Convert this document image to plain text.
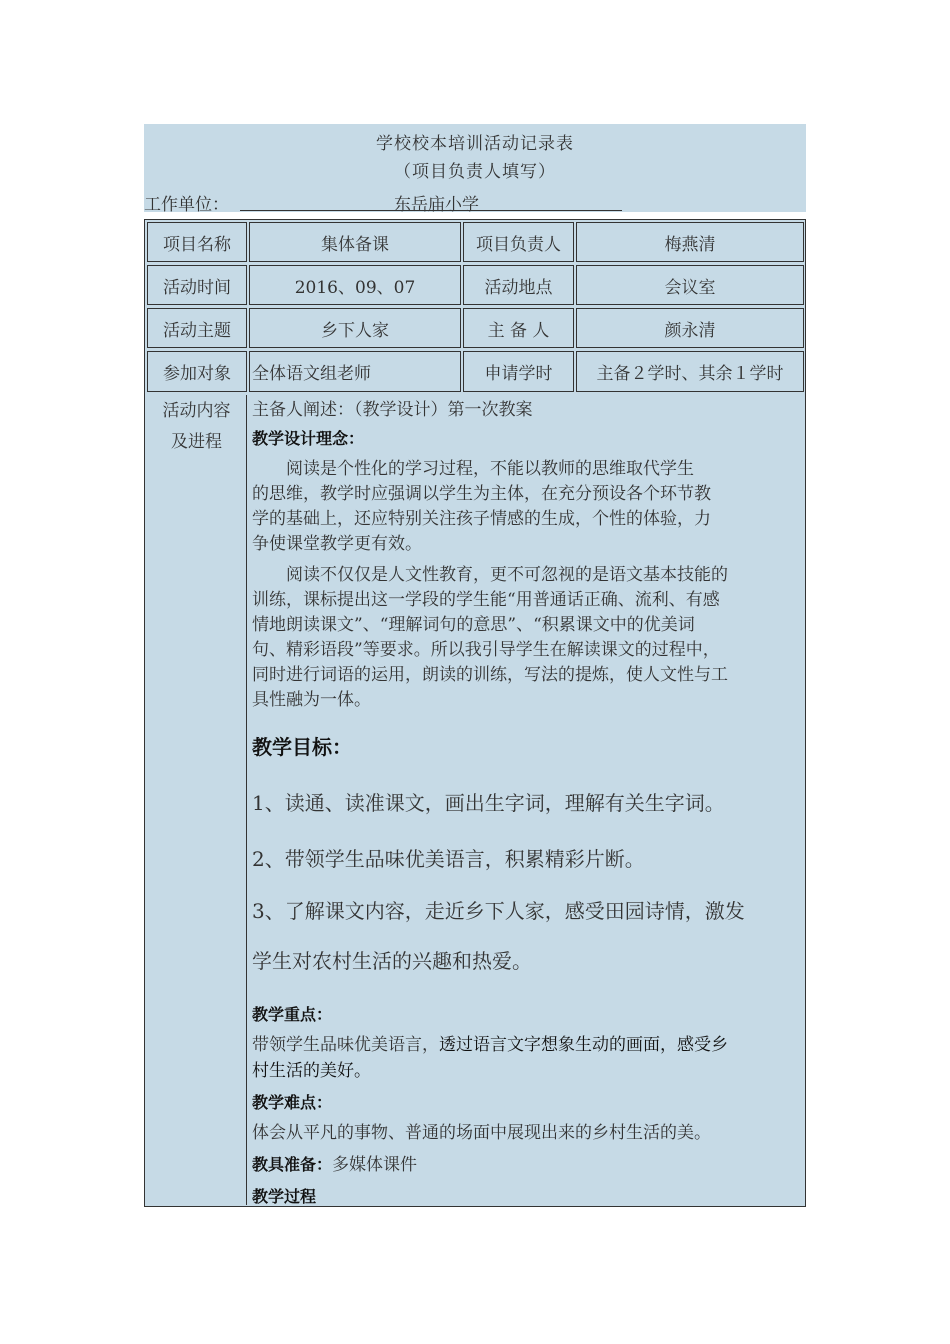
学校校本培训活动记录表
（项目负责人填写）
工作单位：	东岳庙小学
项目名称	集体备课	项目负责人	梅燕清
活动时间	2016、09、07	活动地点	会议室
活动主题	乡下人家	主 备 人	颜永清
参加对象	全体语文组老师	申请学时	主备２学时、其余１学时
活动内容
及进程

主备人阐述：（教学设计）第一次教案

教学设计理念：

　　阅读是个性化的学习过程，不能以教师的思维取代学生

的思维，教学时应强调以学生为主体，在充分预设各个环节教

学的基础上，还应特别关注孩子情感的生成，个性的体验，力

争使课堂教学更有效。

　　阅读不仅仅是人文性教育，更不可忽视的是语文基本技能的

训练，课标提出这一学段的学生能“用普通话正确、流利、有感

情地朗读课文”、“理解词句的意思”、“积累课文中的优美词

句、精彩语段”等要求。所以我引导学生在解读课文的过程中，

同时进行词语的运用，朗读的训练，写法的提炼，使人文性与工

具性融为一体。

教学目标：

1、读通、读准课文，画出生字词，理解有关生字词。

2、带领学生品味优美语言，积累精彩片断。

3、了解课文内容，走近乡下人家，感受田园诗情，激发

学生对农村生活的兴趣和热爱。

教学重点：

带领学生品味优美语言，透过语言文字想象生动的画面，感受乡

村生活的美好。

教学难点：

体会从平凡的事物、普通的场面中展现出来的乡村生活的美。

教具准备：多媒体课件

教学过程
